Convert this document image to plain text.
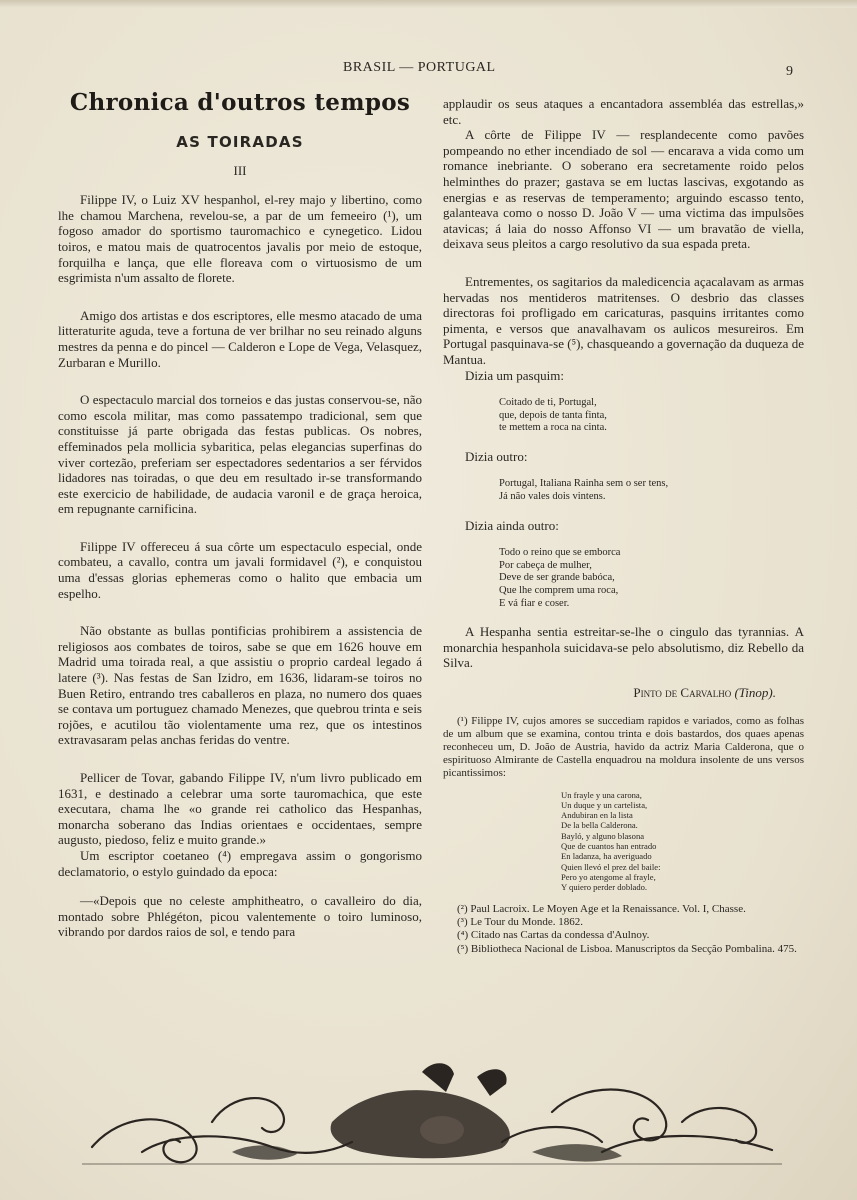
BRASIL — PORTUGAL	9
Chronica d'outros tempos
AS TOIRADAS
III

Filippe IV, o Luiz XV hespanhol, el-rey majo y libertino, como lhe chamou Marchena, revelou-se, a par de um femeeiro (¹), um fogoso amador do sportismo tauromachico e cynegetico. Lidou toiros, e matou mais de quatrocentos javalis por meio de estoque, forquilha e lança, que elle floreava com o virtuosismo de um esgrimista n'um assalto de florete.

Amigo dos artistas e dos escriptores, elle mesmo atacado de uma litteraturite aguda, teve a fortuna de ver brilhar no seu reinado alguns mestres da penna e do pincel — Calderon e Lope de Vega, Velasquez, Zurbaran e Murillo.

O espectaculo marcial dos torneios e das justas conservou-se, não como escola militar, mas como passatempo tradicional, sem que constituisse já parte obrigada das festas publicas. Os nobres, effeminados pela mollicia sybaritica, pelas elegancias superfinas do viver cortezão, preferiam ser espectadores sedentarios a ser férvidos lidadores nas toiradas, o que deu em resultado ir-se transformando este exercicio de habilidade, de audacia varonil e de graça heroica, em repugnante carnificina.

Filippe IV offereceu á sua côrte um espectaculo especial, onde combateu, a cavallo, contra um javali formidavel (²), e conquistou uma d'essas glorias ephemeras como o halito que embacia um espelho.

Não obstante as bullas pontificias prohibirem a assistencia de religiosos aos combates de toiros, sabe se que em 1626 houve em Madrid uma toirada real, a que assistiu o proprio cardeal legado á latere (³). Nas festas de San Izidro, em 1636, lidaram-se toiros no Buen Retiro, entrando tres caballeros en plaza, no numero dos quaes se contava um portuguez chamado Menezes, que quebrou trinta e seis rojões, e acutilou tão violentamente uma rez, que os intestinos extravasaram pelas anchas feridas do ventre.

Pellicer de Tovar, gabando Filippe IV, n'um livro publicado em 1631, e destinado a celebrar uma sorte tauromachica, que este executara, chama lhe «o grande rei catholico das Hespanhas, monarcha soberano das Indias orientaes e occidentaes, sempre augusto, piedoso, feliz e muito grande.»

Um escriptor coetaneo (⁴) empregava assim o gongorismo declamatorio, o estylo guindado da epoca:

—«Depois que no celeste amphitheatro, o cavalleiro do dia, montado sobre Phlégéton, picou valentemente o toiro luminoso, vibrando por dardos raios de sol, e tendo para

applaudir os seus ataques a encantadora assembléa das estrellas,» etc.

A côrte de Filippe IV — resplandecente como pavões pompeando no ether incendiado de sol — encarava a vida como um romance inebriante. O soberano era secretamente roido pelos helminthes do prazer; gastava se em luctas lascivas, exgotando as energias e as reservas de temperamento; arguindo escasso tento, galanteava como o nosso D. João V — uma victima das impulsões atavicas; á laia do nosso Affonso VI — um bravatão de viella, deixava seus pleitos a cargo resolutivo da sua espada preta.

Entrementes, os sagitarios da maledicencia açacalavam as armas hervadas nos mentideros matritenses. O desbrio das classes directoras foi profligado em caricaturas, pasquins irritantes como pimenta, e versos que anavalhavam os aulicos mesureiros. Em Portugal pasquinava-se (⁵), chasqueando a governação da duqueza de Mantua.

Dizia um pasquim:

Coitado de ti, Portugal,
que, depois de tanta finta,
te mettem a roca na cinta.

Dizia outro:

Portugal, Italiana Rainha sem o ser tens,
Já não vales dois vintens.

Dizia ainda outro:

Todo o reino que se emborca
Por cabeça de mulher,
Deve de ser grande babóca,
Que lhe comprem uma roca,
E vá fiar e coser.

A Hespanha sentia estreitar-se-lhe o cingulo das tyrannias. A monarchia hespanhola suicidava-se pelo absolutismo, diz Rebello da Silva.

Pinto de Carvalho (Tinop).

(¹) Filippe IV, cujos amores se succediam rapidos e variados, como as folhas de um album que se examina, contou trinta e dois bastardos, dos quaes apenas reconheceu um, D. João de Austria, havido da actriz Maria Calderona, que o espirituoso Almirante de Castella enquadrou na moldura insolente de uns versos picantissimos:

Un frayle y una carona,
Un duque y un cartelista,
Andubiran en la lista
De la bella Calderona.
Bayló, y alguno blasona
Que de cuantos han entrado
En ladanza, ha averiguado
Quien llevó el prez del baile:
Pero yo atengome al frayle,
Y quiero perder doblado.
(²) Paul Lacroix. Le Moyen Age et la Renaissance. Vol. I, Chasse.
(³) Le Tour du Monde. 1862.
(⁴) Citado nas Cartas da condessa d'Aulnoy.
(⁵) Bibliotheca Nacional de Lisboa. Manuscriptos da Secção Pombalina. 475.
